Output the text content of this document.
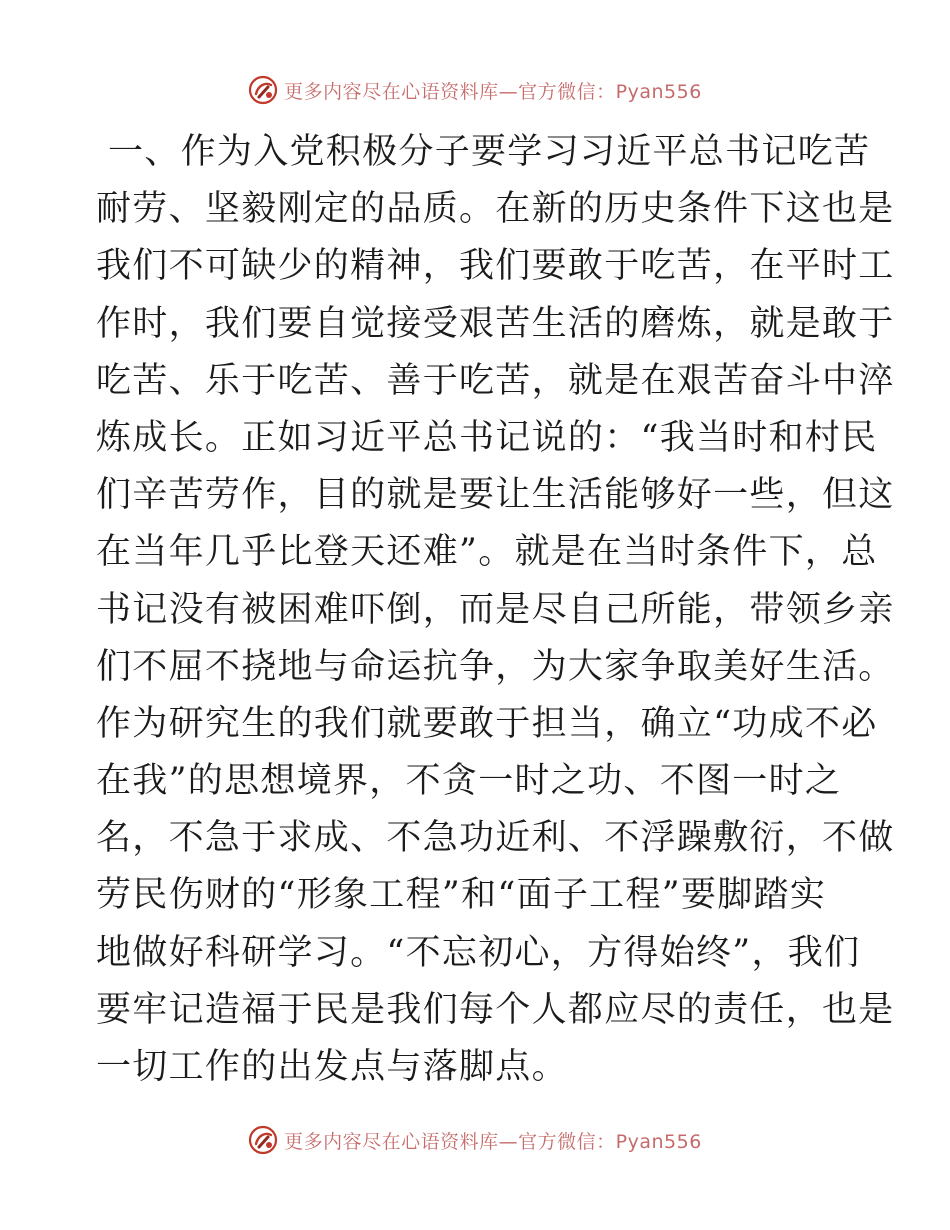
更多内容尽在心语资料库—官方微信：Pyan556
一、作为入党积极分子要学习习近平总书记吃苦
耐劳、坚毅刚定的品质。在新的历史条件下这也是
我们不可缺少的精神，我们要敢于吃苦，在平时工
作时，我们要自觉接受艰苦生活的磨炼，就是敢于
吃苦、乐于吃苦、善于吃苦，就是在艰苦奋斗中淬
炼成长。正如习近平总书记说的：“我当时和村民
们辛苦劳作，目的就是要让生活能够好一些，但这
在当年几乎比登天还难”。就是在当时条件下，总
书记没有被困难吓倒，而是尽自己所能，带领乡亲
们不屈不挠地与命运抗争，为大家争取美好生活。
作为研究生的我们就要敢于担当，确立“功成不必
在我”的思想境界，不贪一时之功、不图一时之
名，不急于求成、不急功近利、不浮躁敷衍，不做
劳民伤财的“形象工程”和“面子工程”要脚踏实
地做好科研学习。“不忘初心，方得始终”，我们
要牢记造福于民是我们每个人都应尽的责任，也是
一切工作的出发点与落脚点。
更多内容尽在心语资料库—官方微信：Pyan556
